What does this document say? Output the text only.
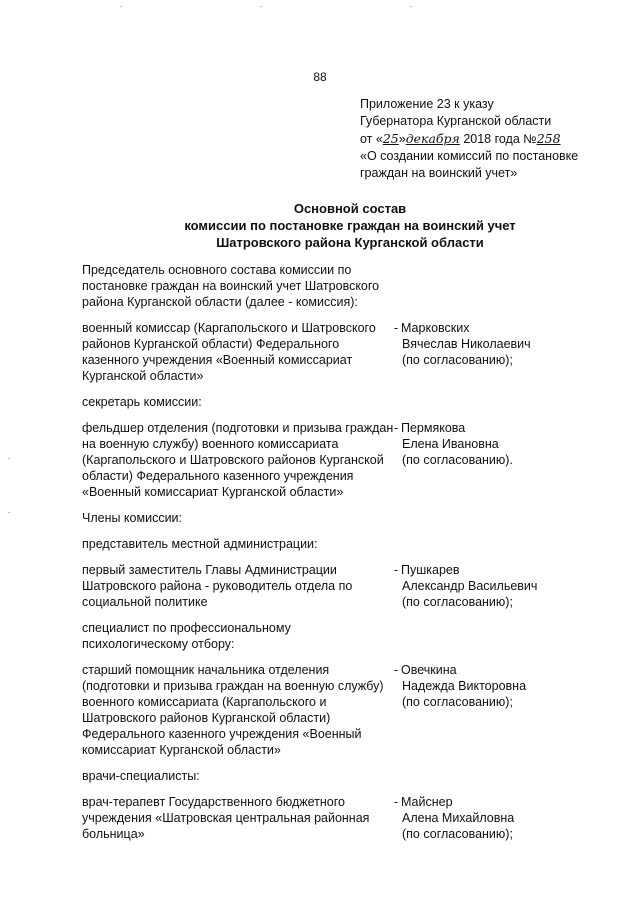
88
Приложение 23 к указу
Губернатора Курганской области
от «25»декабря 2018 года №258
«О создании комиссий по постановке
граждан на воинский учет»
Основной состав
комиссии по постановке граждан на воинский учет
Шатровского района Курганской области
Председатель основного состава комиссии по постановке граждан на воинский учет Шатровского района Курганской области (далее - комиссия):
военный комиссар (Каргапольского и Шатровского районов Курганской области) Федерального казенного учреждения «Военный комиссариат Курганской области»
- Марковских
Вячеслав Николаевич
(по согласованию);
секретарь комиссии:
фельдшер отделения (подготовки и призыва граждан на военную службу) военного комиссариата (Каргапольского и Шатровского районов Курганской области) Федерального казенного учреждения «Военный комиссариат Курганской области»
- Пермякова
Елена Ивановна
(по согласованию).
Члены комиссии:
представитель местной администрации:
первый заместитель Главы Администрации Шатровского района - руководитель отдела по социальной политике
- Пушкарев
Александр Васильевич
(по согласованию);
специалист по профессиональному психологическому отбору:
старший помощник начальника отделения (подготовки и призыва граждан на военную службу) военного комиссариата (Каргапольского и Шатровского районов Курганской области) Федерального казенного учреждения «Военный комиссариат Курганской области»
- Овечкина
Надежда Викторовна
(по согласованию);
врачи-специалисты:
врач-терапевт Государственного бюджетного учреждения «Шатровская центральная районная больница»
- Майснер
Алена Михайловна
(по согласованию);
